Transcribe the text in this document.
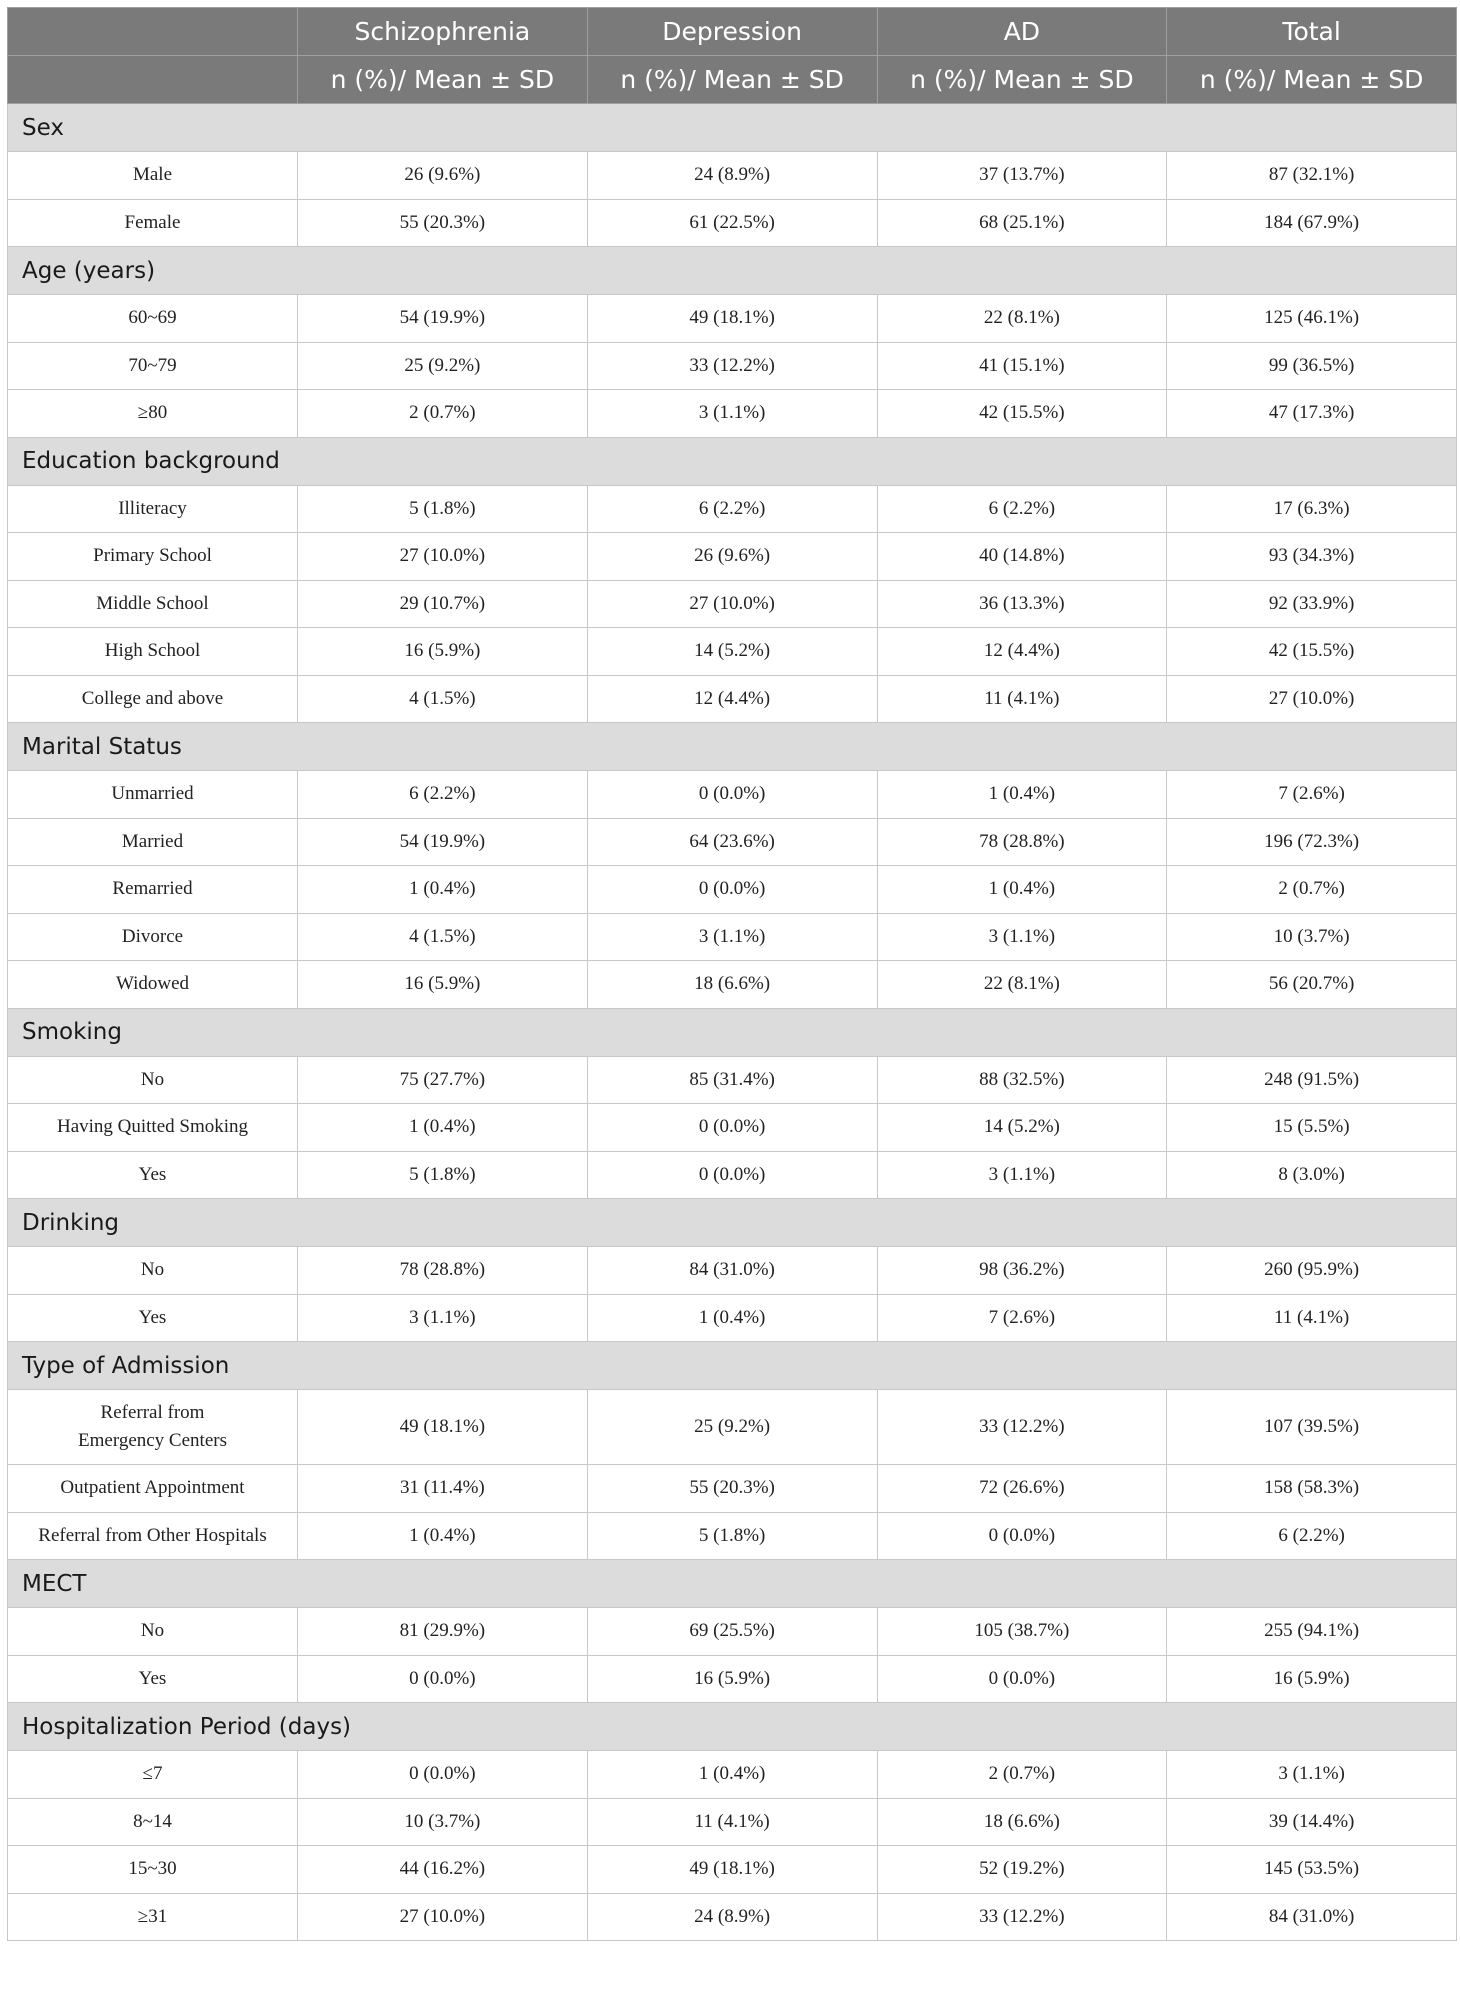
	Schizophrenia	Depression	AD	Total
	n (%)/ Mean ± SD	n (%)/ Mean ± SD	n (%)/ Mean ± SD	n (%)/ Mean ± SD
Sex				
Male	26 (9.6%)	24 (8.9%)	37 (13.7%)	87 (32.1%)
Female	55 (20.3%)	61 (22.5%)	68 (25.1%)	184 (67.9%)
Age (years)				
60~69	54 (19.9%)	49 (18.1%)	22 (8.1%)	125 (46.1%)
70~79	25 (9.2%)	33 (12.2%)	41 (15.1%)	99 (36.5%)
≥80	2 (0.7%)	3 (1.1%)	42 (15.5%)	47 (17.3%)
Education background				
Illiteracy	5 (1.8%)	6 (2.2%)	6 (2.2%)	17 (6.3%)
Primary School	27 (10.0%)	26 (9.6%)	40 (14.8%)	93 (34.3%)
Middle School	29 (10.7%)	27 (10.0%)	36 (13.3%)	92 (33.9%)
High School	16 (5.9%)	14 (5.2%)	12 (4.4%)	42 (15.5%)
College and above	4 (1.5%)	12 (4.4%)	11 (4.1%)	27 (10.0%)
Marital Status				
Unmarried	6 (2.2%)	0 (0.0%)	1 (0.4%)	7 (2.6%)
Married	54 (19.9%)	64 (23.6%)	78 (28.8%)	196 (72.3%)
Remarried	1 (0.4%)	0 (0.0%)	1 (0.4%)	2 (0.7%)
Divorce	4 (1.5%)	3 (1.1%)	3 (1.1%)	10 (3.7%)
Widowed	16 (5.9%)	18 (6.6%)	22 (8.1%)	56 (20.7%)
Smoking				
No	75 (27.7%)	85 (31.4%)	88 (32.5%)	248 (91.5%)
Having Quitted Smoking	1 (0.4%)	0 (0.0%)	14 (5.2%)	15 (5.5%)
Yes	5 (1.8%)	0 (0.0%)	3 (1.1%)	8 (3.0%)
Drinking				
No	78 (28.8%)	84 (31.0%)	98 (36.2%)	260 (95.9%)
Yes	3 (1.1%)	1 (0.4%)	7 (2.6%)	11 (4.1%)
Type of Admission				
Referral from
Emergency Centers	49 (18.1%)	25 (9.2%)	33 (12.2%)	107 (39.5%)
Outpatient Appointment	31 (11.4%)	55 (20.3%)	72 (26.6%)	158 (58.3%)
Referral from Other Hospitals	1 (0.4%)	5 (1.8%)	0 (0.0%)	6 (2.2%)
MECT				
No	81 (29.9%)	69 (25.5%)	105 (38.7%)	255 (94.1%)
Yes	0 (0.0%)	16 (5.9%)	0 (0.0%)	16 (5.9%)
Hospitalization Period (days)				
≤7	0 (0.0%)	1 (0.4%)	2 (0.7%)	3 (1.1%)
8~14	10 (3.7%)	11 (4.1%)	18 (6.6%)	39 (14.4%)
15~30	44 (16.2%)	49 (18.1%)	52 (19.2%)	145 (53.5%)
≥31	27 (10.0%)	24 (8.9%)	33 (12.2%)	84 (31.0%)
